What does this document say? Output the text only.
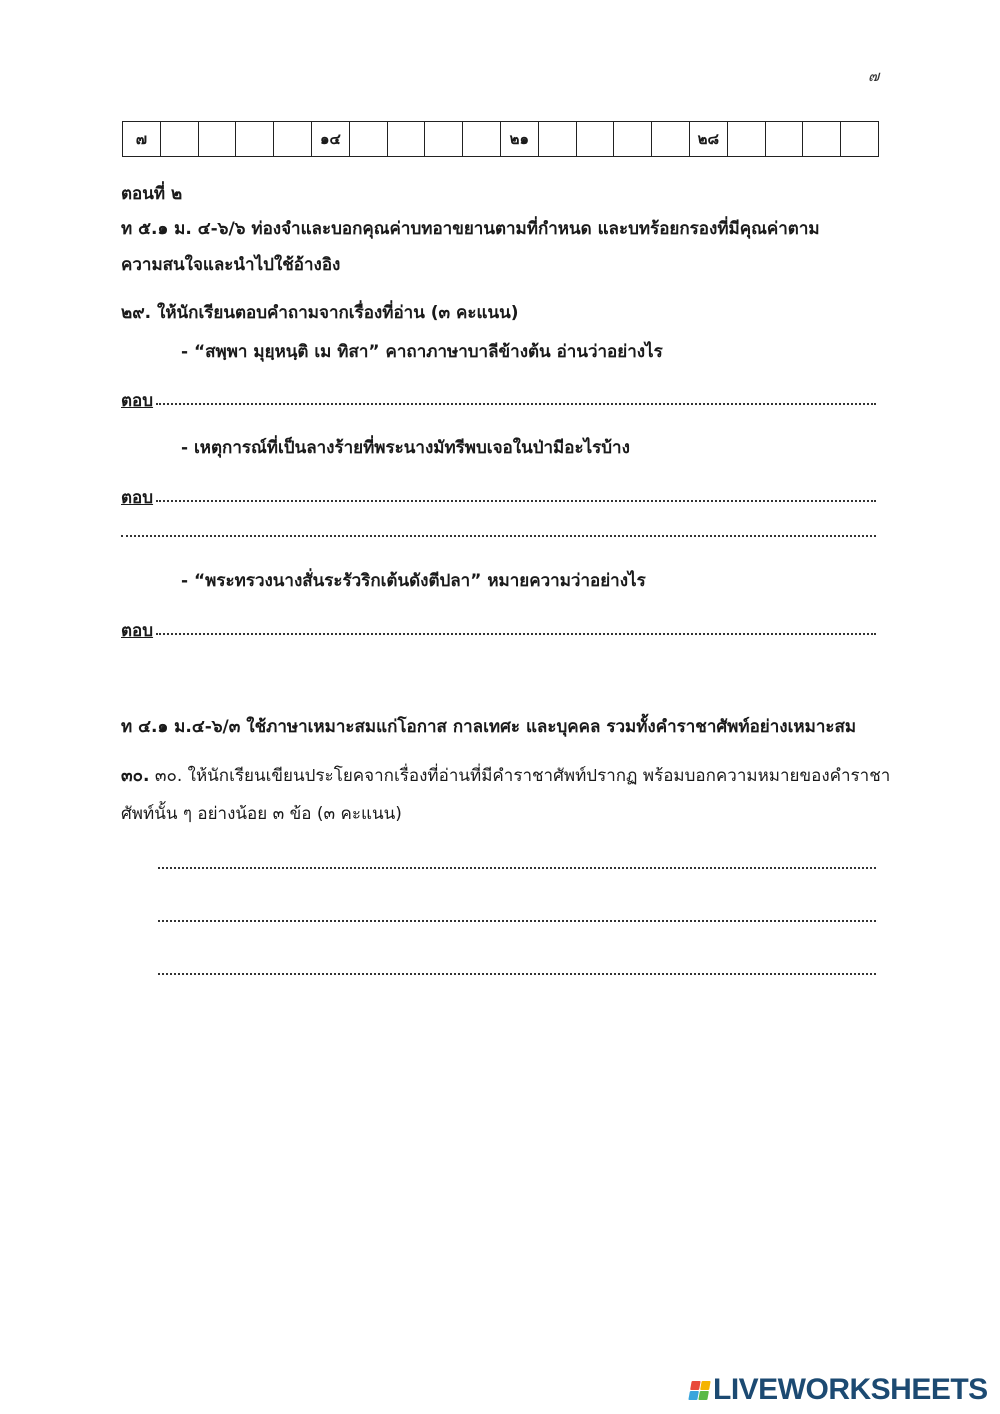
๗
๗					๑๔					๒๑					๒๘				
ตอนที่ ๒
ท ๕.๑ ม. ๔-๖/๖ ท่องจำและบอกคุณค่าบทอาขยานตามที่กำหนด และบทร้อยกรองที่มีคุณค่าตาม
ความสนใจและนำไปใช้อ้างอิง
๒๙. ให้นักเรียนตอบคำถามจากเรื่องที่อ่าน (๓ คะแนน)
- “สพฺพา มุยฺหนฺติ เม ทิสา” คาถาภาษาบาลีข้างต้น อ่านว่าอย่างไร
ตอบ
- เหตุการณ์ที่เป็นลางร้ายที่พระนางมัทรีพบเจอในป่ามีอะไรบ้าง
ตอบ
- “พระทรวงนางสั่นระรัวริกเต้นดังตีปลา” หมายความว่าอย่างไร
ตอบ
ท ๔.๑ ม.๔-๖/๓ ใช้ภาษาเหมาะสมแก่โอกาส กาลเทศะ และบุคคล รวมทั้งคำราชาศัพท์อย่างเหมาะสม
๓๐. ๓๐. ให้นักเรียนเขียนประโยคจากเรื่องที่อ่านที่มีคำราชาศัพท์ปรากฏ พร้อมบอกความหมายของคำราชา
ศัพท์นั้น ๆ อย่างน้อย ๓ ข้อ (๓ คะแนน)
LIVEWORKSHEETS
